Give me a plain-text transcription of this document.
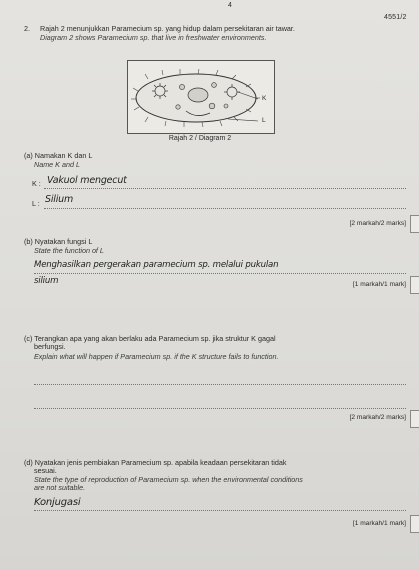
4
4551/2
2. Rajah 2 menunjukkan Paramecium sp. yang hidup dalam persekitaran air tawar.
Diagram 2 shows Paramecium sp. that live in freshwater environments.
K
L
Rajah 2 / Diagram 2
(a) Namakan K dan L
Name K and L
K : Vakuol mengecut
L : Silium
[2 markah/2 marks]
(b) Nyatakan fungsi L
State the function of L
Menghasilkan pergerakan paramecium sp. melalui pukulan
silium	[1 markah/1 mark]
(c) Terangkan apa yang akan berlaku ada Paramecium sp. jika struktur K gagal
berfungsi.
Explain what will happen if Paramecium sp. if the K structure fails to function.
[2 markah/2 marks]
(d) Nyatakan jenis pembiakan Paramecium sp. apabila keadaan persekitaran tidak
sesuai.
State the type of reproduction of Paramecium sp. when the environmental conditions
are not suitable.
Konjugasi
[1 markah/1 mark]
